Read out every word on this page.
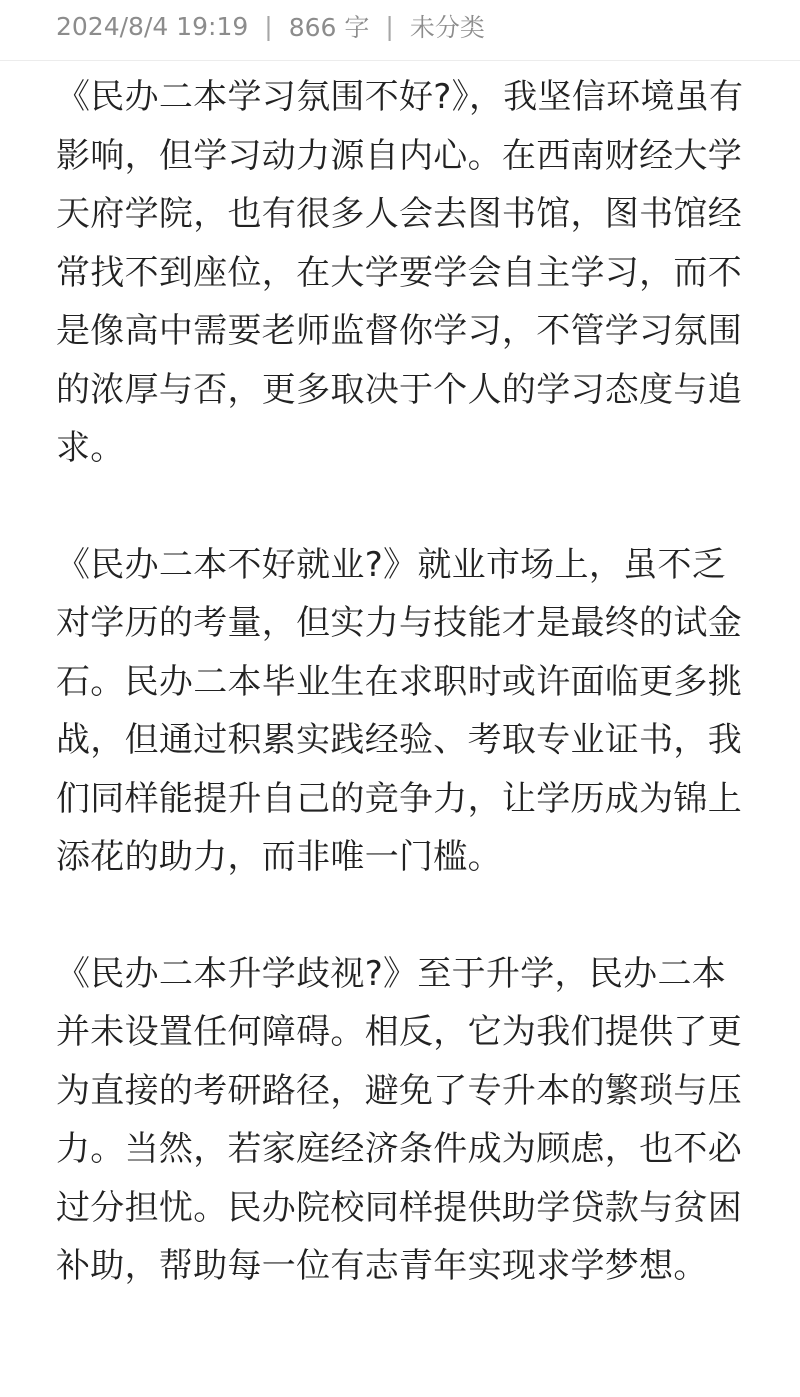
2024/8/4 19:19 | 866 字 | 未分类

《民办二本学习氛围不好?》，我坚信环境虽有影响，但学习动力源自内心。在西南财经大学天府学院，也有很多人会去图书馆，图书馆经常找不到座位，在大学要学会自主学习，而不是像高中需要老师监督你学习，不管学习氛围的浓厚与否，更多取决于个人的学习态度与追求。

《民办二本不好就业?》就业市场上，虽不乏对学历的考量，但实力与技能才是最终的试金石。民办二本毕业生在求职时或许面临更多挑战，但通过积累实践经验、考取专业证书，我们同样能提升自己的竞争力，让学历成为锦上添花的助力，而非唯一门槛。

《民办二本升学歧视?》至于升学，民办二本并未设置任何障碍。相反，它为我们提供了更为直接的考研路径，避免了专升本的繁琐与压力。当然，若家庭经济条件成为顾虑，也不必过分担忧。民办院校同样提供助学贷款与贫困补助，帮助每一位有志青年实现求学梦想。
